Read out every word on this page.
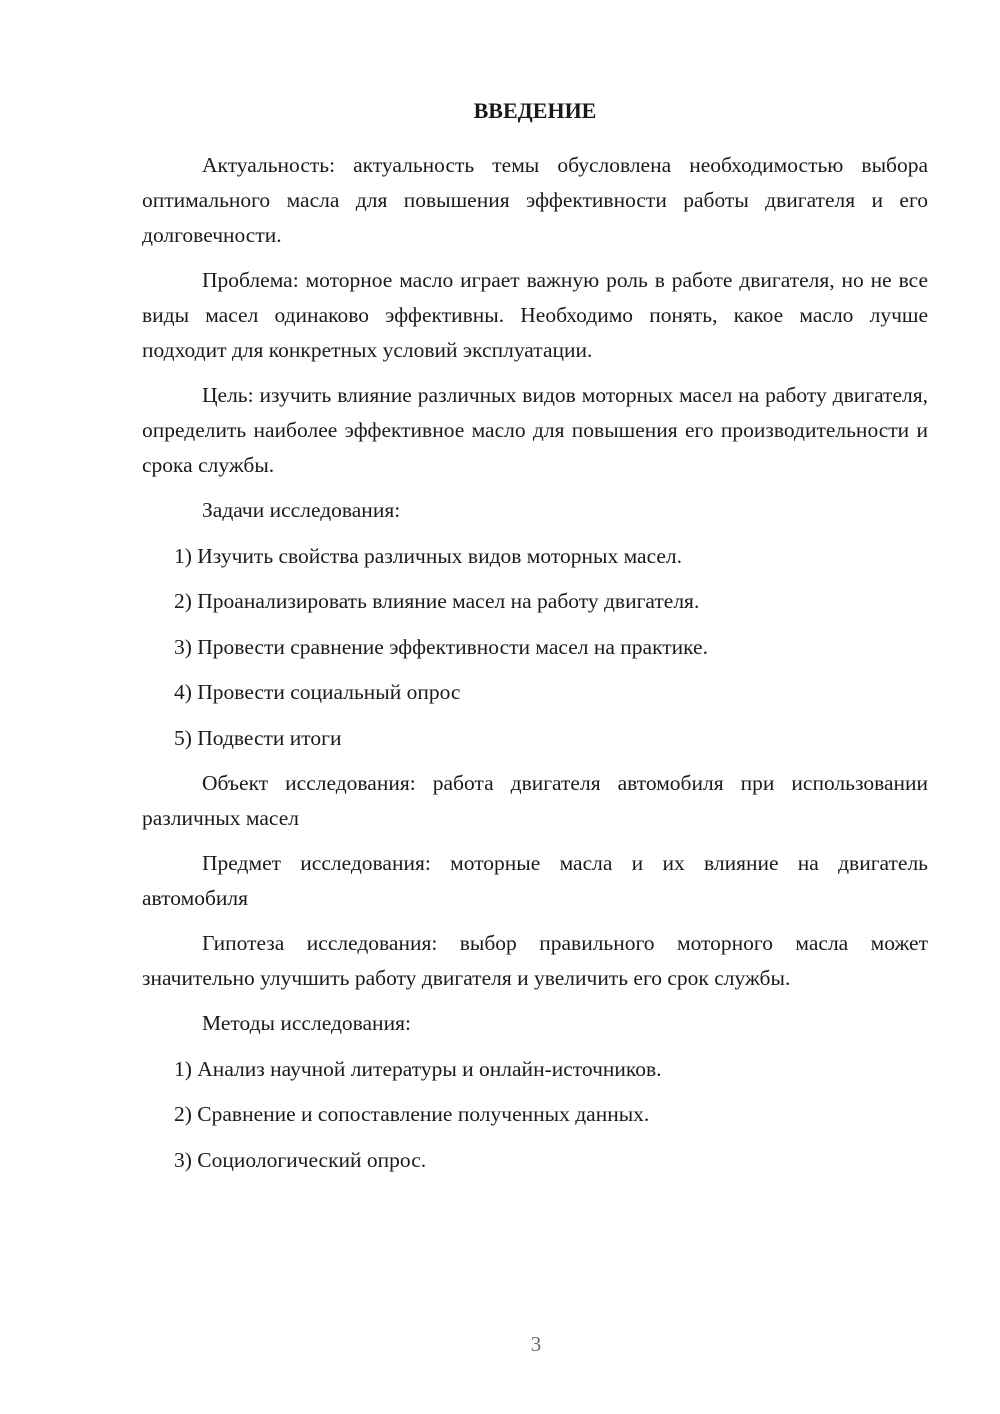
ВВЕДЕНИЕ

Актуальность: актуальность темы обусловлена необходимостью выбора оптимального масла для повышения эффективности работы двигателя и его долговечности.

Проблема: моторное масло играет важную роль в работе двигателя, но не все виды масел одинаково эффективны. Необходимо понять, какое масло лучше подходит для конкретных условий эксплуатации.

Цель: изучить влияние различных видов моторных масел на работу двигателя, определить наиболее эффективное масло для повышения его производительности и срока службы.

Задачи исследования:
1) Изучить свойства различных видов моторных масел.
2) Проанализировать влияние масел на работу двигателя.
3) Провести сравнение эффективности масел на практике.
4) Провести социальный опрос
5) Подвести итоги

Объект исследования: работа двигателя автомобиля при использовании различных масел

Предмет исследования: моторные масла и их влияние на двигатель автомобиля

Гипотеза исследования: выбор правильного моторного масла может значительно улучшить работу двигателя и увеличить его срок службы.

Методы исследования:
1) Анализ научной литературы и онлайн-источников.
2) Сравнение и сопоставление полученных данных.
3) Социологический опрос.
3
